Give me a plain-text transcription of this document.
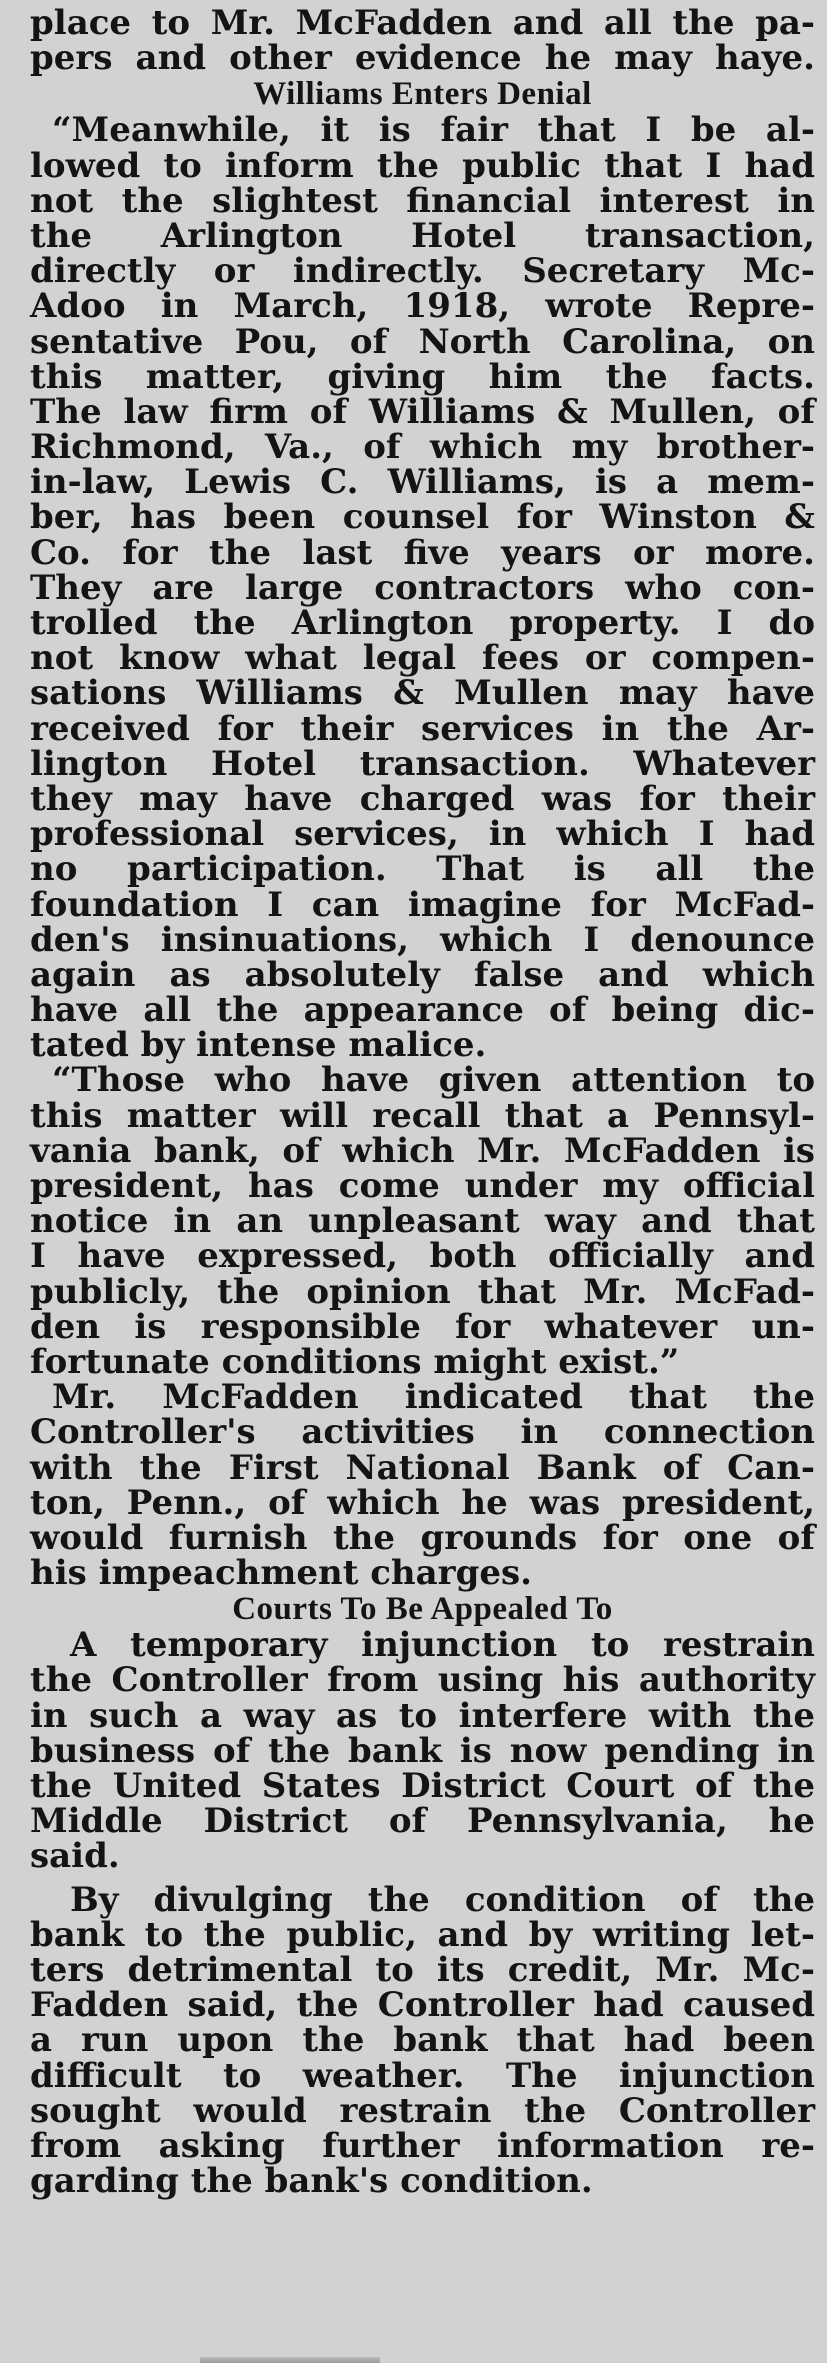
place to Mr. McFadden and all the pa-
pers and other evidence he may haye.
Williams Enters Denial
“Meanwhile, it is fair that I be al-
lowed to inform the public that I had
not the slightest financial interest in
the Arlington Hotel transaction,
directly or indirectly. Secretary Mc-
Adoo in March, 1918, wrote Repre-
sentative Pou, of North Carolina, on
this matter, giving him the facts.
The law firm of Williams & Mullen, of
Richmond, Va., of which my brother-
in-law, Lewis C. Williams, is a mem-
ber, has been counsel for Winston &
Co. for the last five years or more.
They are large contractors who con-
trolled the Arlington property. I do
not know what legal fees or compen-
sations Williams & Mullen may have
received for their services in the Ar-
lington Hotel transaction. Whatever
they may have charged was for their
professional services, in which I had
no participation. That is all the
foundation I can imagine for McFad-
den's insinuations, which I denounce
again as absolutely false and which
have all the appearance of being dic-
tated by intense malice.
“Those who have given attention to
this matter will recall that a Pennsyl-
vania bank, of which Mr. McFadden is
president, has come under my official
notice in an unpleasant way and that
I have expressed, both officially and
publicly, the opinion that Mr. McFad-
den is responsible for whatever un-
fortunate conditions might exist.”
Mr. McFadden indicated that the
Controller's activities in connection
with the First National Bank of Can-
ton, Penn., of which he was president,
would furnish the grounds for one of
his impeachment charges.
Courts To Be Appealed To
A temporary injunction to restrain
the Controller from using his authority
in such a way as to interfere with the
business of the bank is now pending in
the United States District Court of the
Middle District of Pennsylvania, he
said.
By divulging the condition of the
bank to the public, and by writing let-
ters detrimental to its credit, Mr. Mc-
Fadden said, the Controller had caused
a run upon the bank that had been
difficult to weather. The injunction
sought would restrain the Controller
from asking further information re-
garding the bank's condition.
